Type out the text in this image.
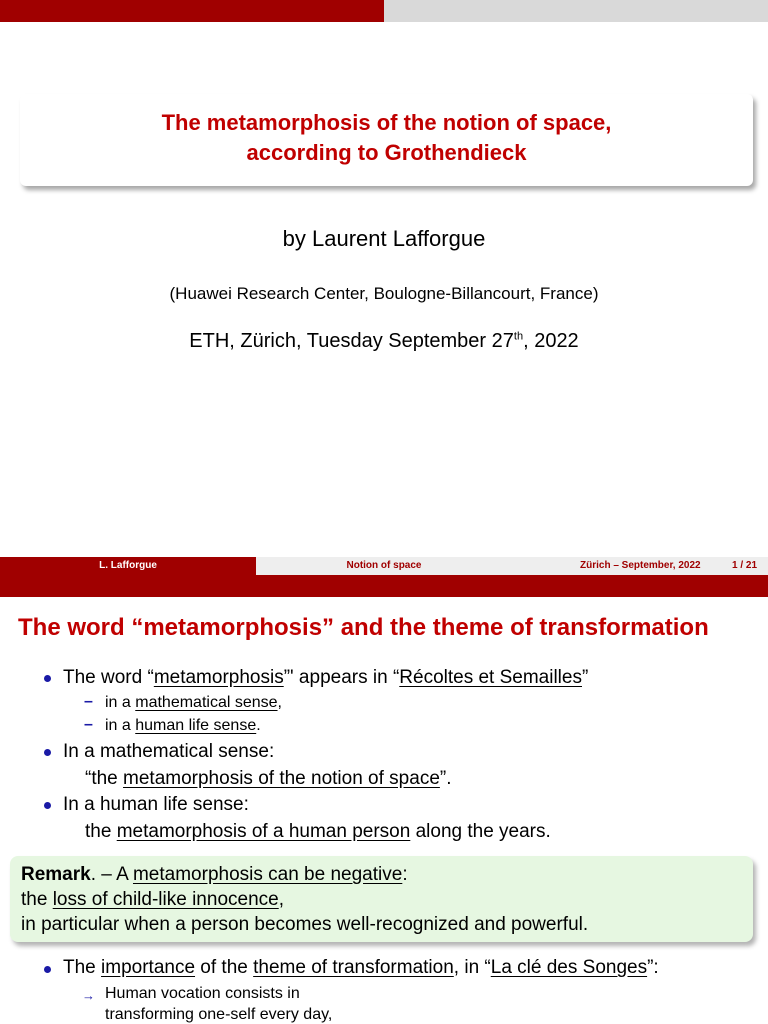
The metamorphosis of the notion of space,
according to Grothendieck
by Laurent Lafforgue
(Huawei Research Center, Boulogne-Billancourt, France)
ETH, Zürich, Tuesday September 27th, 2022
L. Lafforgue	Notion of space	Zürich – September, 2022	1 / 21
The word “metamorphosis” and the theme of transformation
The word “metamorphosis”' appears in “Récoltes et Semailles”
– in a mathematical sense,
– in a human life sense.
In a mathematical sense:
“the metamorphosis of the notion of space”.
In a human life sense:
the metamorphosis of a human person along the years.
Remark. – A metamorphosis can be negative:
the loss of child-like innocence,
in particular when a person becomes well-recognized and powerful.
The importance of the theme of transformation, in “La clé des Songes”:
→ Human vocation consists in
transforming one-self every day,
